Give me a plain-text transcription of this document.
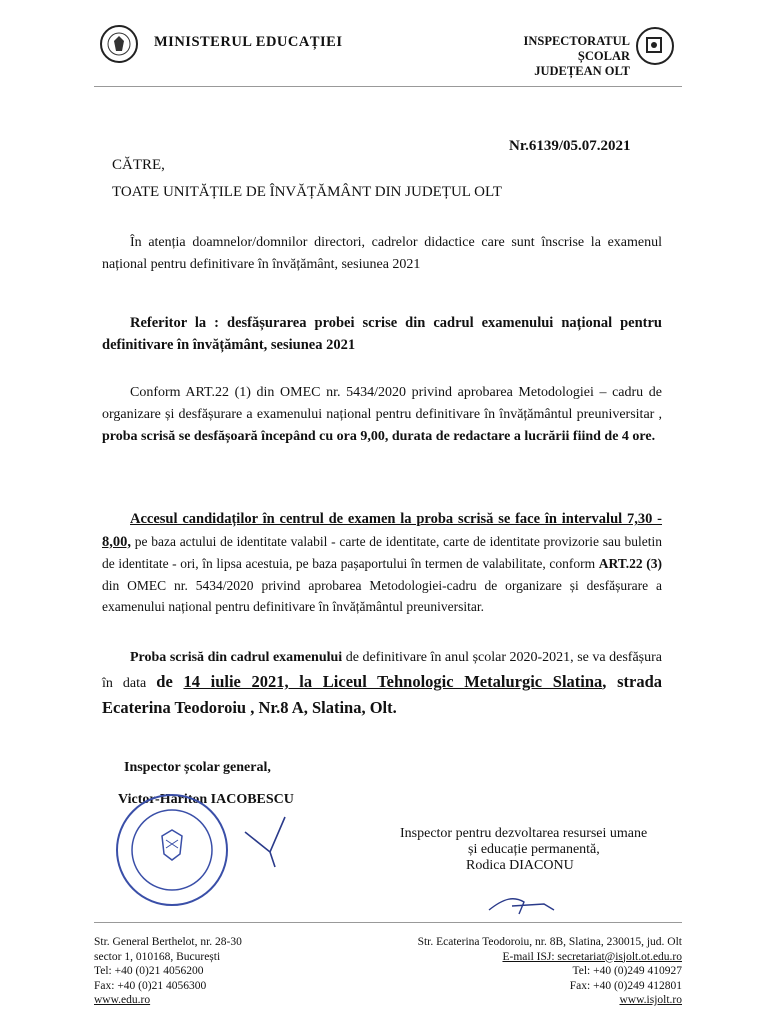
MINISTERUL EDUCAȚIEI	INSPECTORATUL ȘCOLAR
JUDEȚEAN OLT
Nr.6139/05.07.2021
CĂTRE,
TOATE UNITĂȚILE DE ÎNVĂȚĂMÂNT DIN JUDEȚUL OLT
În atenția doamnelor/domnilor directori, cadrelor didactice care sunt înscrise la examenul național pentru definitivare în învățământ, sesiunea 2021
Referitor la : desfășurarea probei scrise din cadrul examenului național pentru definitivare în învățământ, sesiunea 2021
Conform ART.22 (1) din OMEC nr. 5434/2020 privind aprobarea Metodologiei – cadru de organizare și desfășurare a examenului național pentru definitivare în învățământul preuniversitar , proba scrisă se desfășoară începând cu ora 9,00, durata de redactare a lucrării fiind de 4 ore.
Accesul candidaților în centrul de examen la proba scrisă se face în intervalul 7,30 - 8,00, pe baza actului de identitate valabil - carte de identitate, carte de identitate provizorie sau buletin de identitate - ori, în lipsa acestuia, pe baza pașaportului în termen de valabilitate, conform ART.22 (3) din OMEC nr. 5434/2020 privind aprobarea Metodologiei-cadru de organizare și desfășurare a examenului național pentru definitivare în învățământul preuniversitar.
Proba scrisă din cadrul examenului de definitivare în anul școlar 2020-2021, se va desfășura în data de 14 iulie 2021, la Liceul Tehnologic Metalurgic Slatina, strada Ecaterina Teodoroiu , Nr.8 A, Slatina, Olt.
Inspector școlar general,
Victor-Hariton IACOBESCU
Inspector pentru dezvoltarea resursei umane
și educație permanentă,
Rodica DIACONU
Str. General Berthelot, nr. 28-30
sector 1, 010168, București
Tel: +40 (0)21 4056200
Fax: +40 (0)21 4056300
www.edu.ro
Str. Ecaterina Teodoroiu, nr. 8B, Slatina, 230015, jud. Olt
E-mail ISJ: secretariat@isjolt.ot.edu.ro
Tel: +40 (0)249 410927
Fax: +40 (0)249 412801
www.isjolt.ro
